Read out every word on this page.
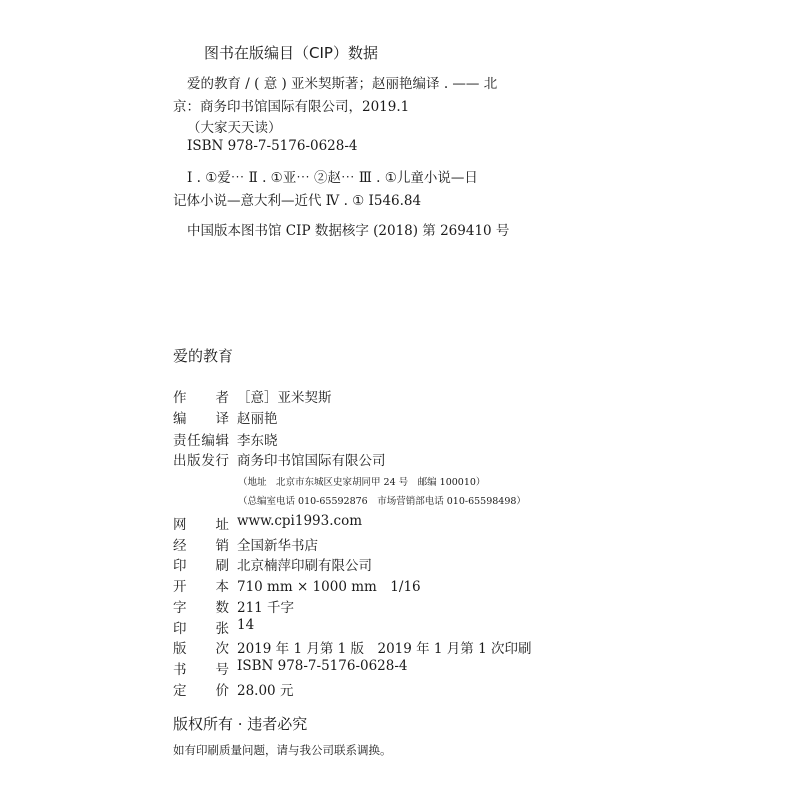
图书在版编目（CIP）数据
爱的教育 / ( 意 ) 亚米契斯著；赵丽艳编译 . —— 北
京：商务印书馆国际有限公司，2019.1
（大家天天读）
ISBN 978-7-5176-0628-4
Ⅰ . ①爱⋯ Ⅱ . ①亚⋯ ②赵⋯ Ⅲ . ①儿童小说—日
记体小说—意大利—近代 Ⅳ . ① I546.84
中国版本图书馆 CIP 数据核字 (2018) 第 269410 号
爱的教育
作 者 ［意］亚米契斯
编 译 赵丽艳
责 任 编 辑 李东晓
出 版 发 行 商务印书馆国际有限公司
网 址 www.cpi1993.com
经 销 全国新华书店
印 刷 北京楠萍印刷有限公司
开 本 710 mm × 1000 mm　1/16
字 数 211 千字
印 张 14
版 次 2019 年 1 月第 1 版　2019 年 1 月第 1 次印刷
书 号 ISBN 978-7-5176-0628-4
定 价 28.00 元
（地址　北京市东城区史家胡同甲 24 号　邮编 100010）
（总编室电话 010-65592876　市场营销部电话 010-65598498）
版权所有 · 违者必究
如有印刷质量问题，请与我公司联系调换。
